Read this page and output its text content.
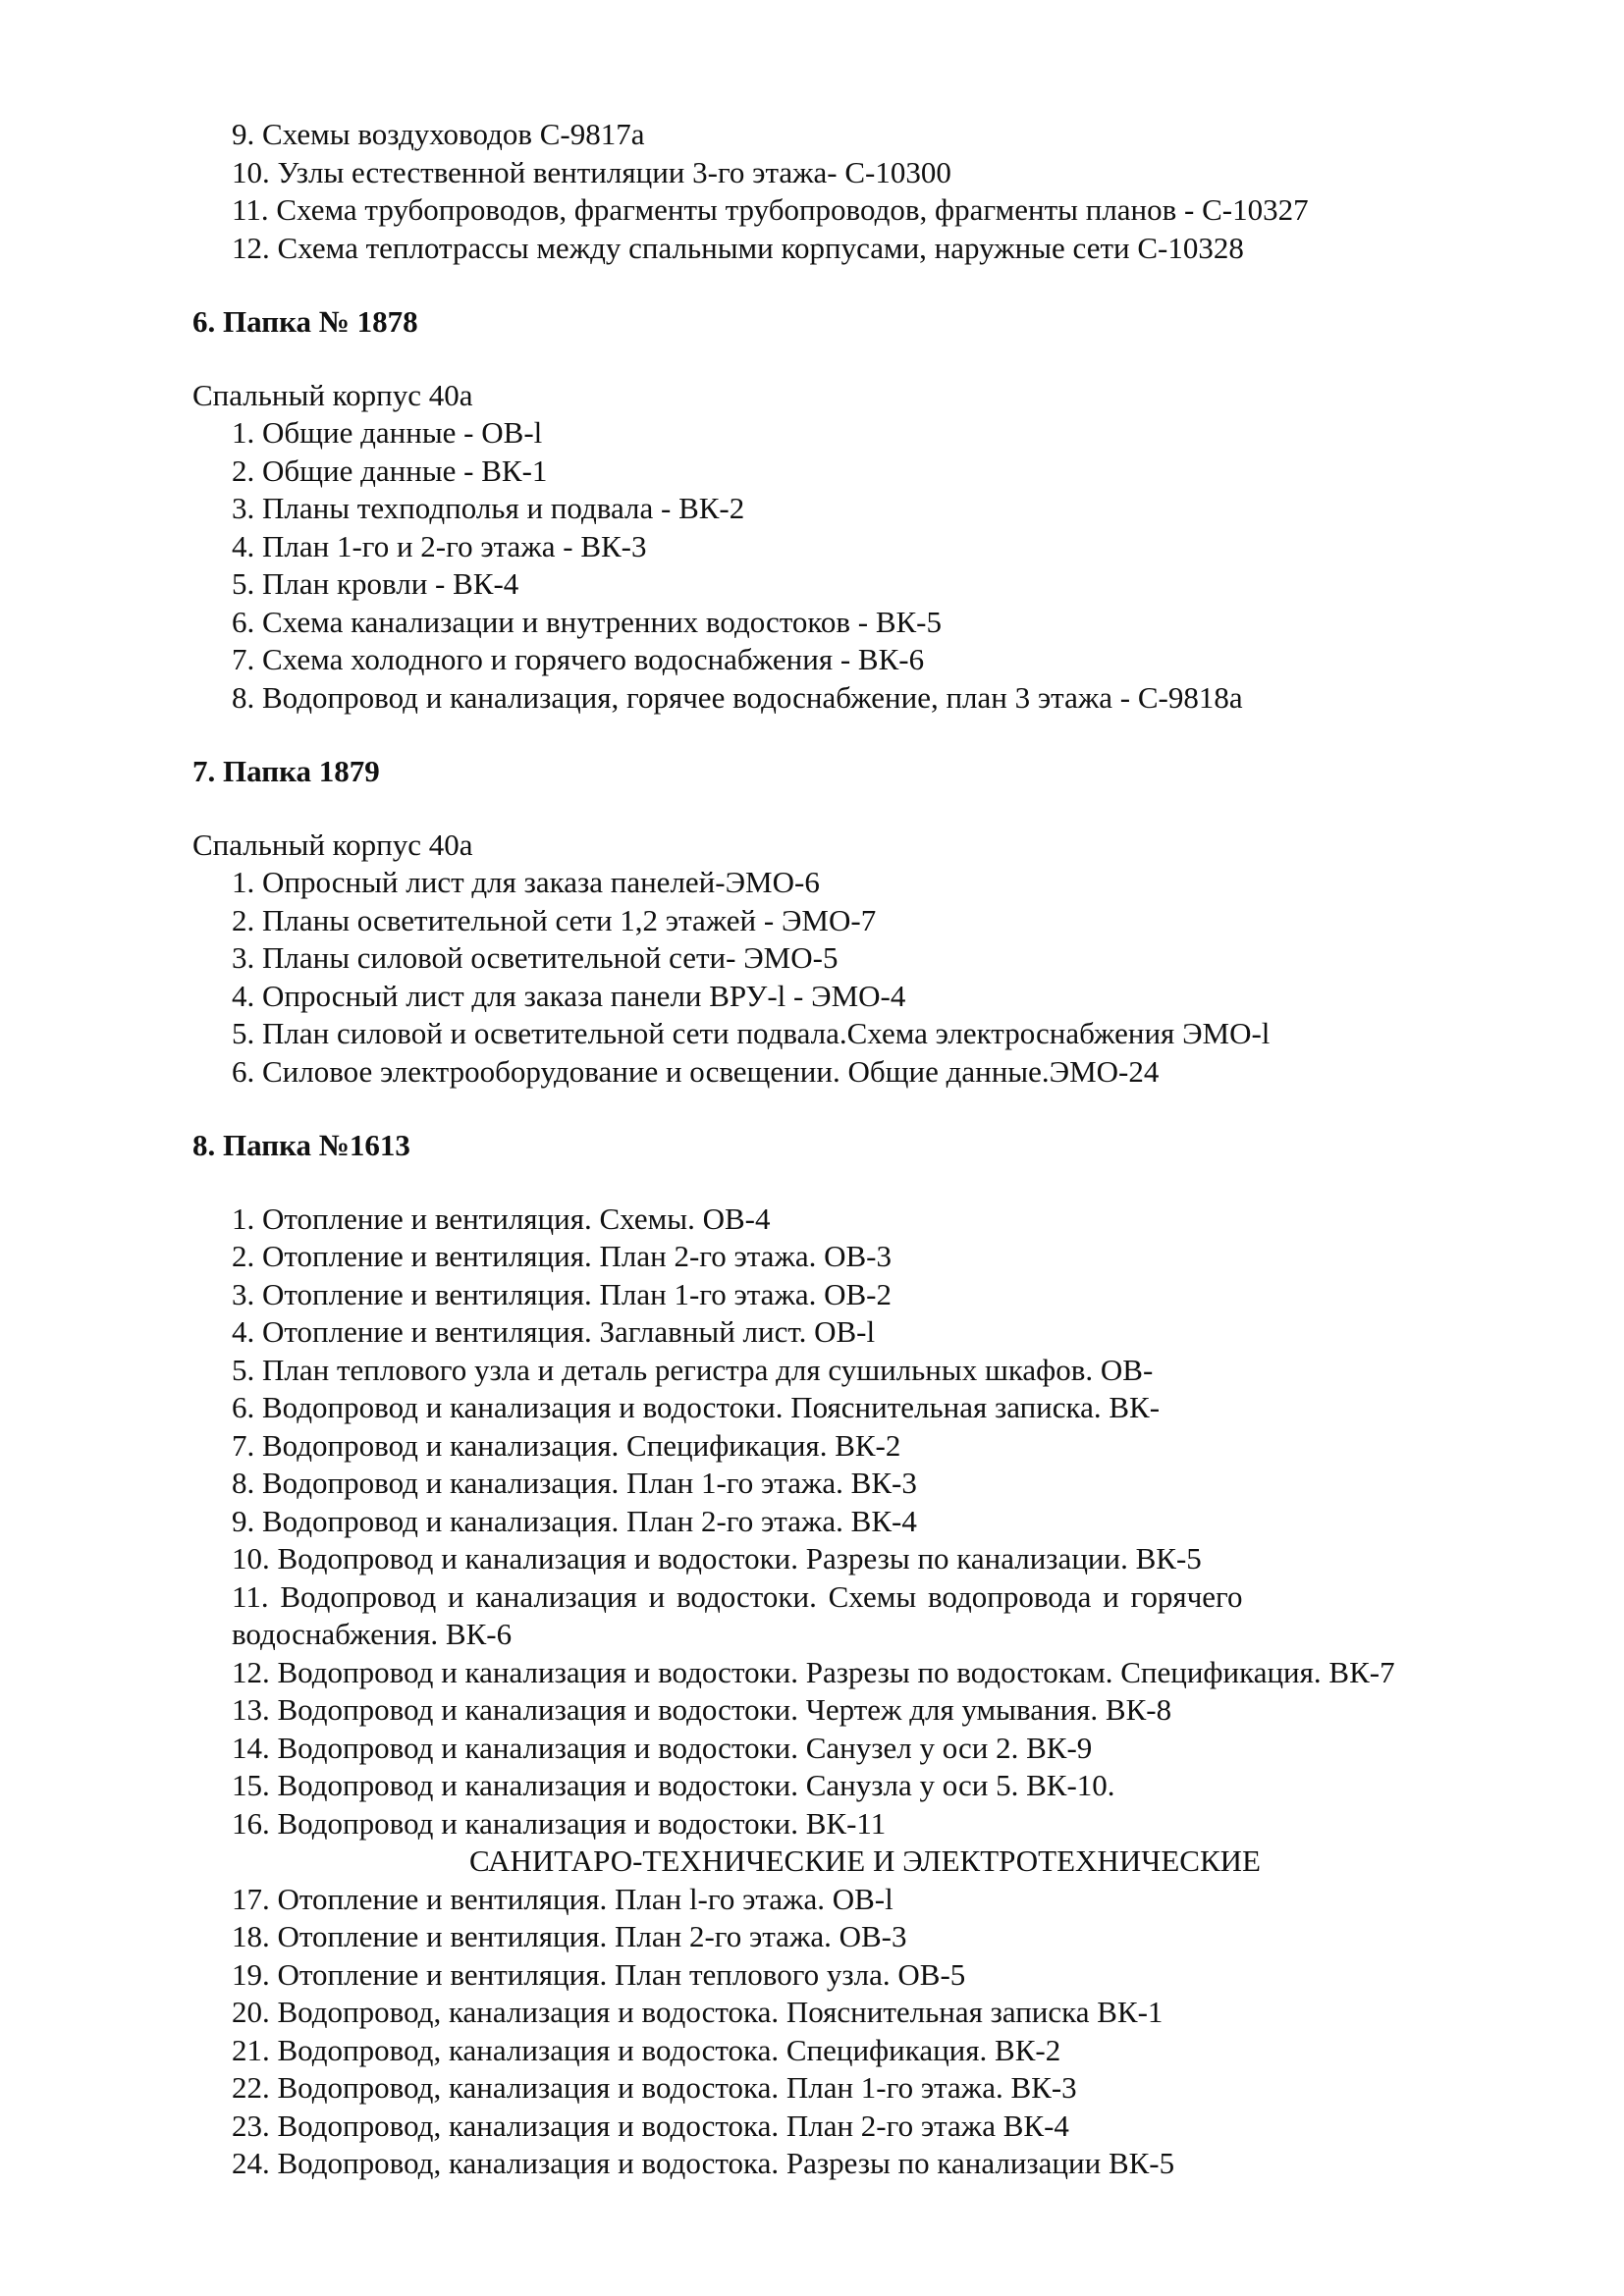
9. Схемы воздуховодов С-9817а
10. Узлы естественной вентиляции 3-го этажа- С-10300
11. Схема трубопроводов, фрагменты трубопроводов, фрагменты планов - С-10327
12. Схема теплотрассы между спальными корпусами, наружные сети С-10328
6. Папка № 1878
Спальный корпус 40а
1. Общие данные - ОВ-l
2. Общие данные - ВК-1
3. Планы техподполья и подвала - ВК-2
4. План 1-го и 2-го этажа - ВК-3
5. План кровли - ВК-4
6. Схема канализации и внутренних водостоков - ВК-5
7. Схема холодного и горячего водоснабжения - ВК-6
8. Водопровод и канализация, горячее водоснабжение, план 3 этажа - С-9818а
7. Папка 1879
Спальный корпус 40а
1. Опросный лист для заказа панелей-ЭМО-6
2. Планы осветительной сети 1,2 этажей - ЭМО-7
3. Планы силовой осветительной сети- ЭМО-5
4. Опросный лист для заказа панели ВРУ-l - ЭМО-4
5. План силовой и осветительной сети подвала.Схема электроснабжения ЭМО-l
6. Силовое электрооборудование и освещении. Общие данные.ЭМО-24
8. Папка №1613
1. Отопление и вентиляция. Схемы. ОВ-4
2. Отопление и вентиляция. План 2-го этажа. ОВ-3
3. Отопление и вентиляция. План 1-го этажа. ОВ-2
4. Отопление и вентиляция. Заглавный лист. ОВ-l
5. План теплового узла и деталь регистра для сушильных шкафов. ОВ-
6. Водопровод и канализация и водостоки. Пояснительная записка. ВК-
7. Водопровод и канализация. Спецификация. ВК-2
8. Водопровод и канализация. План 1-го этажа. ВК-3
9. Водопровод и канализация. План 2-го этажа. ВК-4
10. Водопровод и канализация и водостоки. Разрезы по канализации. ВК-5
11. Водопровод и канализация и водостоки. Схемы водопровода и горячего
водоснабжения. ВК-6
12. Водопровод и канализация и водостоки. Разрезы по водостокам. Спецификация. ВК-7
13. Водопровод и канализация и водостоки. Чертеж для умывания. ВК-8
14. Водопровод и канализация и водостоки. Санузел у оси 2. ВК-9
15. Водопровод и канализация и водостоки. Санузла у оси 5. ВК-10.
16. Водопровод и канализация и водостоки. ВК-11
САНИТАРО-ТЕХНИЧЕСКИЕ И ЭЛЕКТРОТЕХНИЧЕСКИЕ
17. Отопление и вентиляция. План l-го этажа. ОВ-l
18. Отопление и вентиляция. План 2-го этажа. ОВ-3
19. Отопление и вентиляция. План теплового узла. ОВ-5
20. Водопровод, канализация и водостока. Пояснительная записка ВК-1
21. Водопровод, канализация и водостока. Спецификация. ВК-2
22. Водопровод, канализация и водостока. План 1-го этажа. ВК-3
23. Водопровод, канализация и водостока. План 2-го этажа ВК-4
24. Водопровод, канализация и водостока. Разрезы по канализации ВК-5
